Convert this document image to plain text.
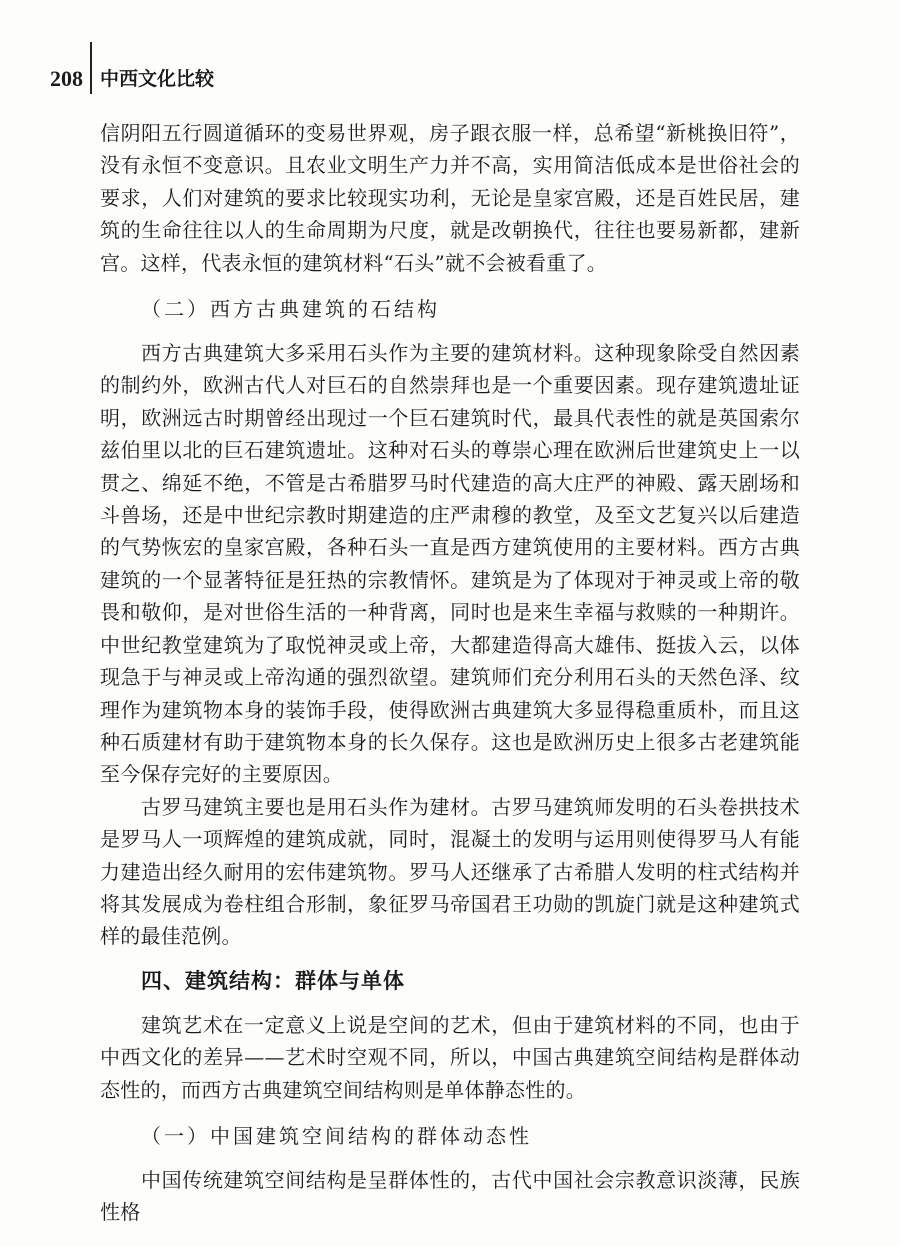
208 中西文化比较

信阴阳五行圆道循环的变易世界观，房子跟衣服一样，总希望“新桃换旧符”，没有永恒不变意识。且农业文明生产力并不高，实用简洁低成本是世俗社会的要求，人们对建筑的要求比较现实功利，无论是皇家宫殿，还是百姓民居，建筑的生命往往以人的生命周期为尺度，就是改朝换代，往往也要易新都，建新宫。这样，代表永恒的建筑材料“石头”就不会被看重了。

（二）西方古典建筑的石结构

西方古典建筑大多采用石头作为主要的建筑材料。这种现象除受自然因素的制约外，欧洲古代人对巨石的自然崇拜也是一个重要因素。现存建筑遗址证明，欧洲远古时期曾经出现过一个巨石建筑时代，最具代表性的就是英国索尔兹伯里以北的巨石建筑遗址。这种对石头的尊崇心理在欧洲后世建筑史上一以贯之、绵延不绝，不管是古希腊罗马时代建造的高大庄严的神殿、露天剧场和斗兽场，还是中世纪宗教时期建造的庄严肃穆的教堂，及至文艺复兴以后建造的气势恢宏的皇家宫殿，各种石头一直是西方建筑使用的主要材料。西方古典建筑的一个显著特征是狂热的宗教情怀。建筑是为了体现对于神灵或上帝的敬畏和敬仰，是对世俗生活的一种背离，同时也是来生幸福与救赎的一种期许。中世纪教堂建筑为了取悦神灵或上帝，大都建造得高大雄伟、挺拔入云，以体现急于与神灵或上帝沟通的强烈欲望。建筑师们充分利用石头的天然色泽、纹理作为建筑物本身的装饰手段，使得欧洲古典建筑大多显得稳重质朴，而且这种石质建材有助于建筑物本身的长久保存。这也是欧洲历史上很多古老建筑能至今保存完好的主要原因。

古罗马建筑主要也是用石头作为建材。古罗马建筑师发明的石头卷拱技术是罗马人一项辉煌的建筑成就，同时，混凝土的发明与运用则使得罗马人有能力建造出经久耐用的宏伟建筑物。罗马人还继承了古希腊人发明的柱式结构并将其发展成为卷柱组合形制，象征罗马帝国君王功勋的凯旋门就是这种建筑式样的最佳范例。

四、建筑结构：群体与单体

建筑艺术在一定意义上说是空间的艺术，但由于建筑材料的不同，也由于中西文化的差异——艺术时空观不同，所以，中国古典建筑空间结构是群体动态性的，而西方古典建筑空间结构则是单体静态性的。

（一）中国建筑空间结构的群体动态性

中国传统建筑空间结构是呈群体性的，古代中国社会宗教意识淡薄，民族性格
